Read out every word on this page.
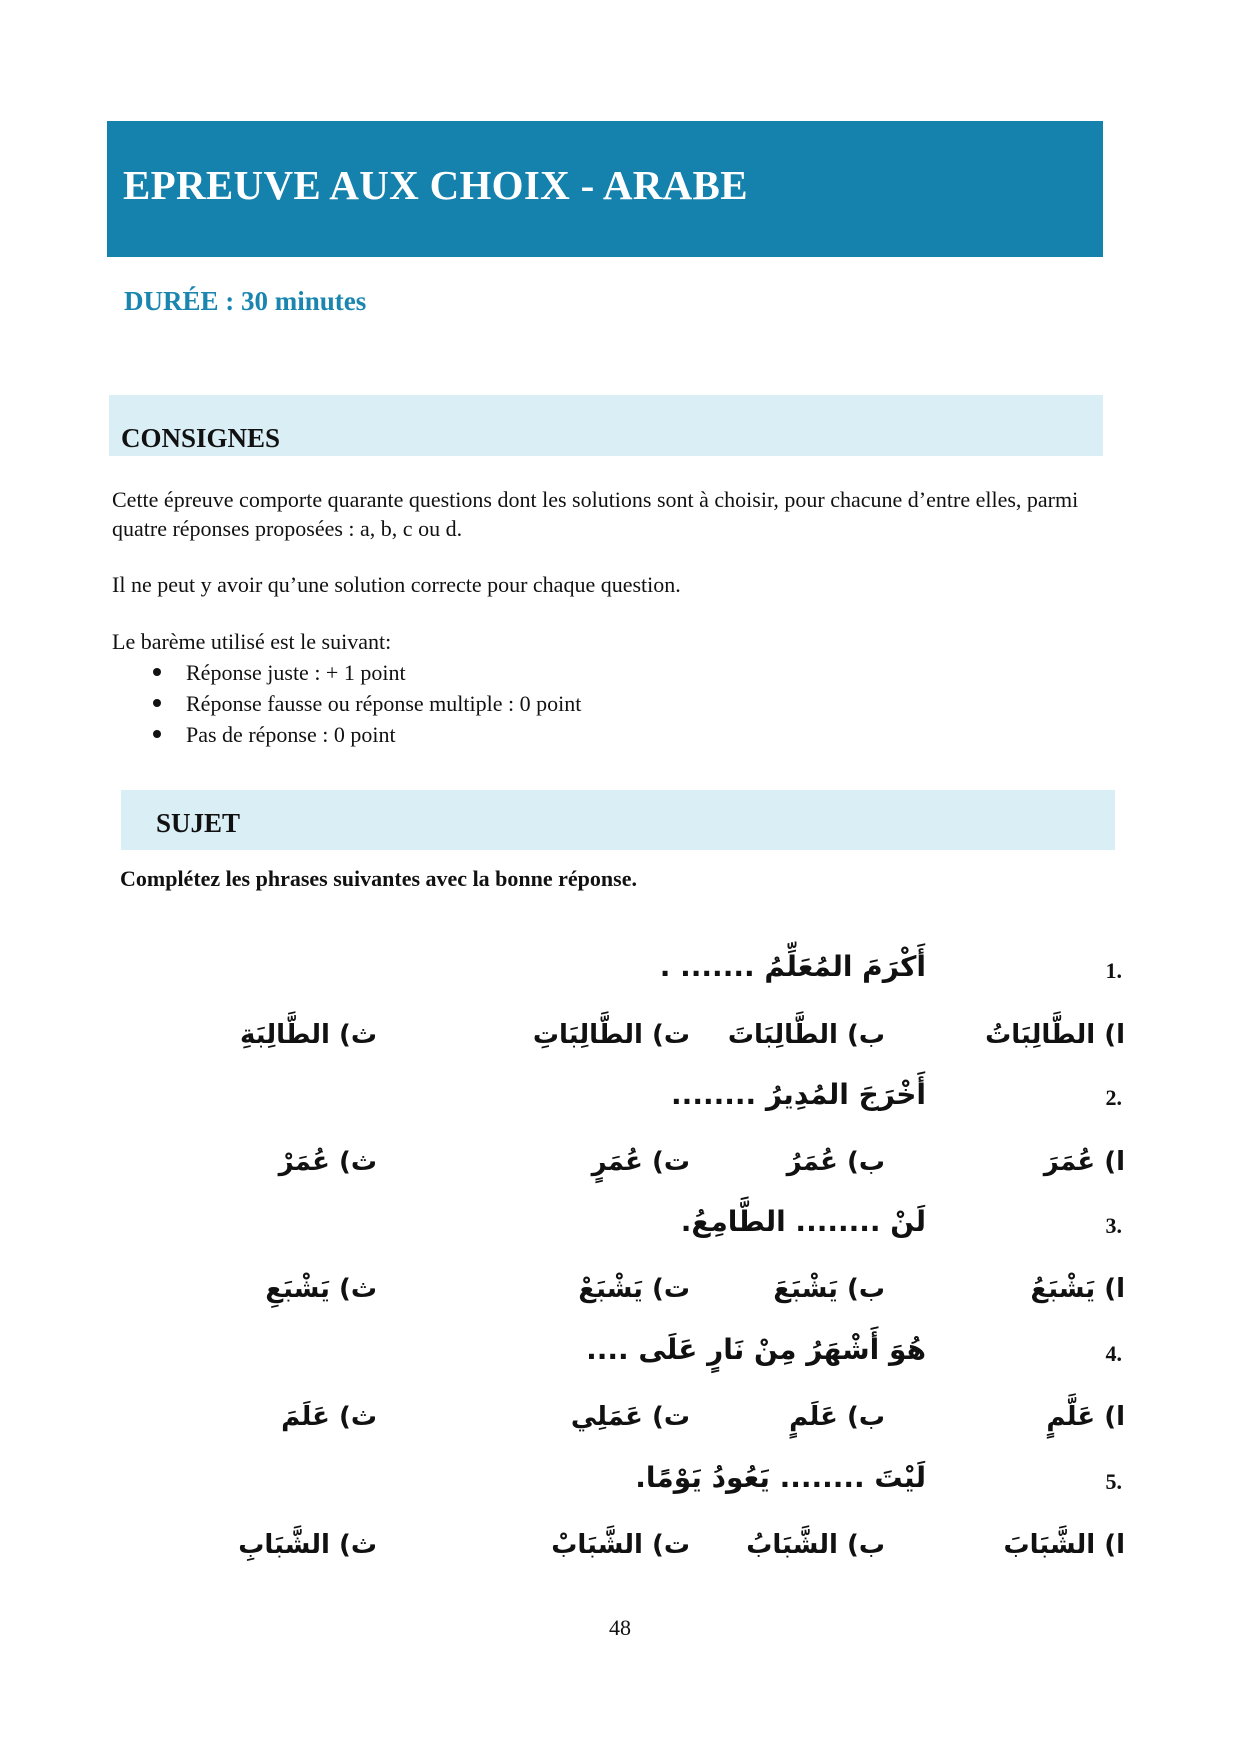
EPREUVE AUX CHOIX - ARABE

DURÉE : 30 minutes

CONSIGNES

Cette épreuve comporte quarante questions dont les solutions sont à choisir, pour chacune d’entre elles, parmi quatre réponses proposées : a, b, c ou d.

Il ne peut y avoir qu’une solution correcte pour chaque question.

Le barème utilisé est le suivant:

Réponse juste : + 1 point
Réponse fausse ou réponse multiple : 0 point
Pas de réponse : 0 point
SUJET

Complétez les phrases suivantes avec la bonne réponse.

1.
أَكْرَمَ المُعَلِّمُ ....... .
ا) الطَّالِبَاتُ
ب) الطَّالِبَاتَ
ت) الطَّالِبَاتِ
ث) الطَّالِبَةِ
2.
أَخْرَجَ المُدِيرُ ........
ا) عُمَرَ
ب) عُمَرُ
ت) عُمَرٍ
ث) عُمَرْ
3.
لَنْ ........ الطَّامِعُ.
ا) يَشْبَعُ
ب) يَشْبَعَ
ت) يَشْبَعْ
ث) يَشْبَعِ
4.
هُوَ أَشْهَرُ مِنْ نَارٍ عَلَى ....
ا) عَلَّمٍ
ب) عَلَمٍ
ت) عَمَلِي
ث) عَلَمَ
5.
لَيْتَ ........ يَعُودُ يَوْمًا.
ا) الشَّبَابَ
ب) الشَّبَابُ
ت) الشَّبَابْ
ث) الشَّبَابِ
48
